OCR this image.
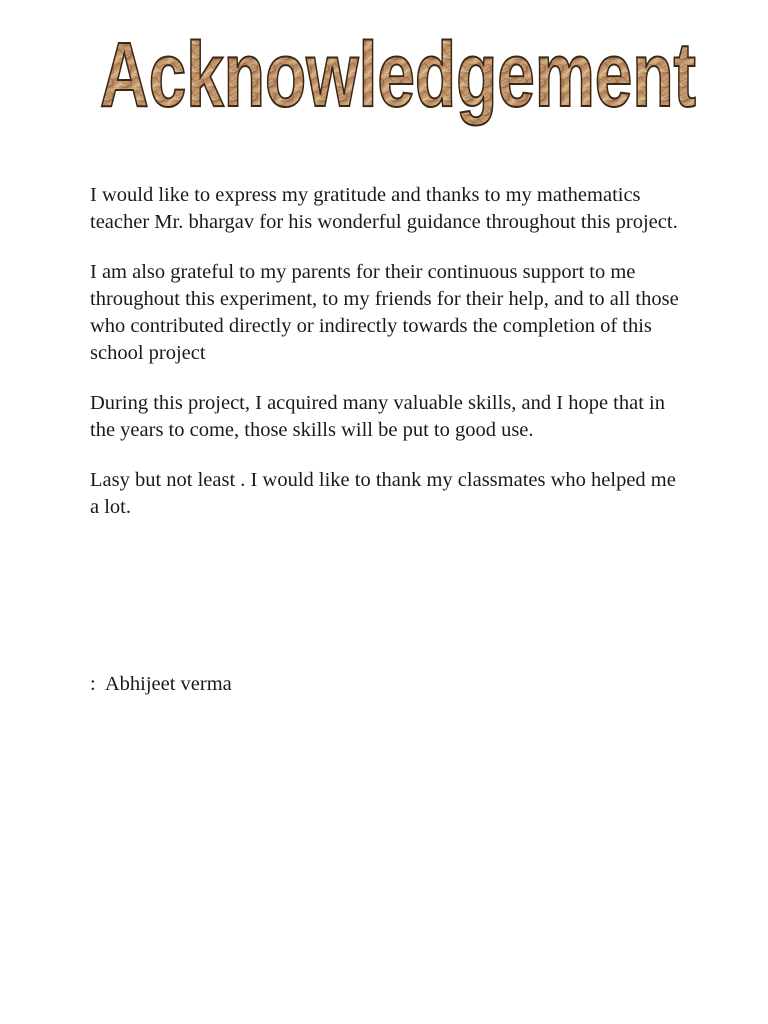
Acknowledgement

I would like to express my gratitude and thanks to my mathematics teacher Mr. bhargav for his wonderful guidance throughout this project.

I am also grateful to my parents for their continuous support to me throughout this experiment, to my friends for their help, and to all those who contributed directly or indirectly towards the completion of this school project

During this project, I acquired many valuable skills, and I hope that in the years to come, those skills will be put to good use.

Lasy but not least . I would like to thank my classmates who helped me a lot.

:  Abhijeet verma
